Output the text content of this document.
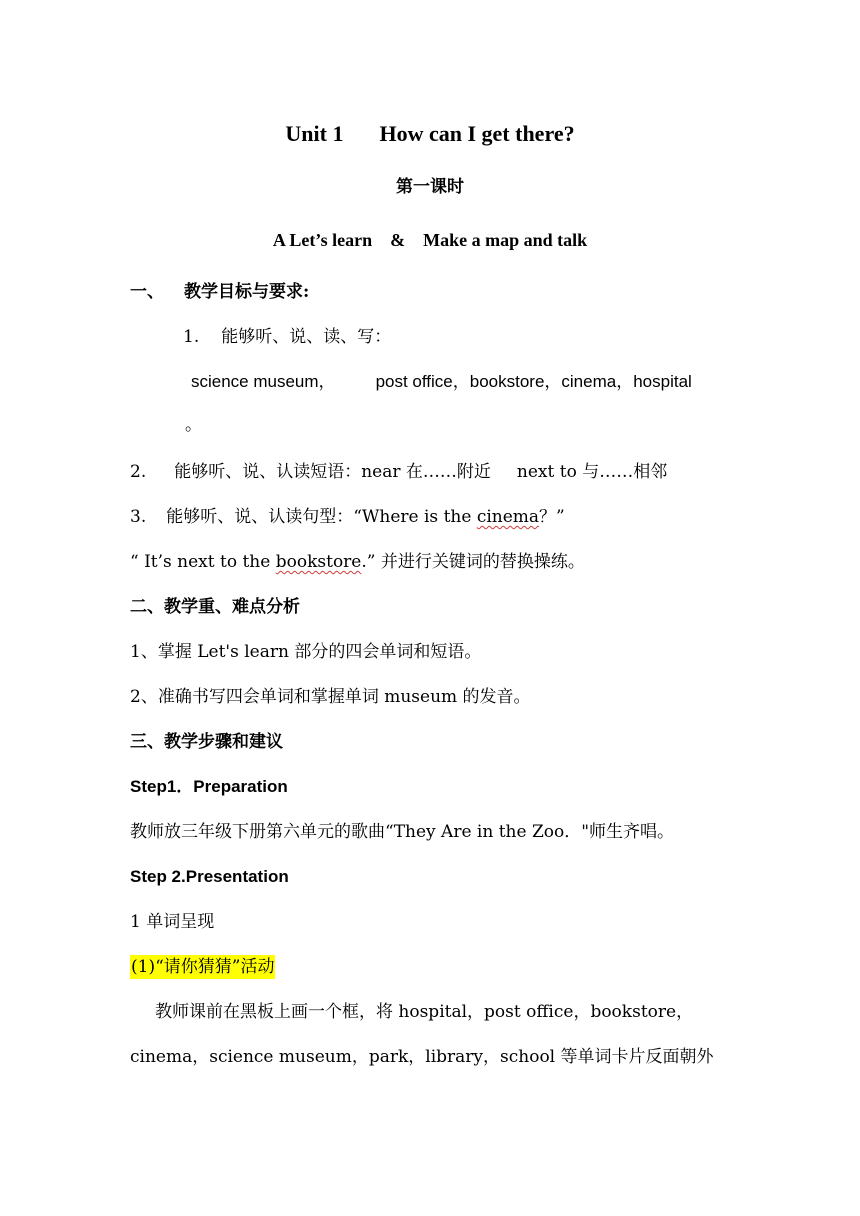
Unit 1 How can I get there?
第一课时
A Let’s learn & Make a map and talk
一、 教学目标与要求:
1. 能够听、说、读、写：
science museum， post office，bookstore，cinema，hospital
。
2. 能够听、说、认读短语：near 在……附近 next to 与……相邻
3. 能够听、说、认读句型：“Where is the cinema？”
“ It’s next to the bookstore.” 并进行关键词的替换操练。
二、教学重、难点分析
1、掌握 Let's learn 部分的四会单词和短语。
2、准确书写四会单词和掌握单词 museum 的发音。
三、教学步骤和建议
Step1．Preparation
教师放三年级下册第六单元的歌曲“They Are in the Zoo．"师生齐唱。
Step 2.Presentation
1 单词呈现
(1)“请你猜猜”活动
教师课前在黑板上画一个框，将 hospital，post office，bookstore，
cinema，science museum，park，library，school 等单词卡片反面朝外
